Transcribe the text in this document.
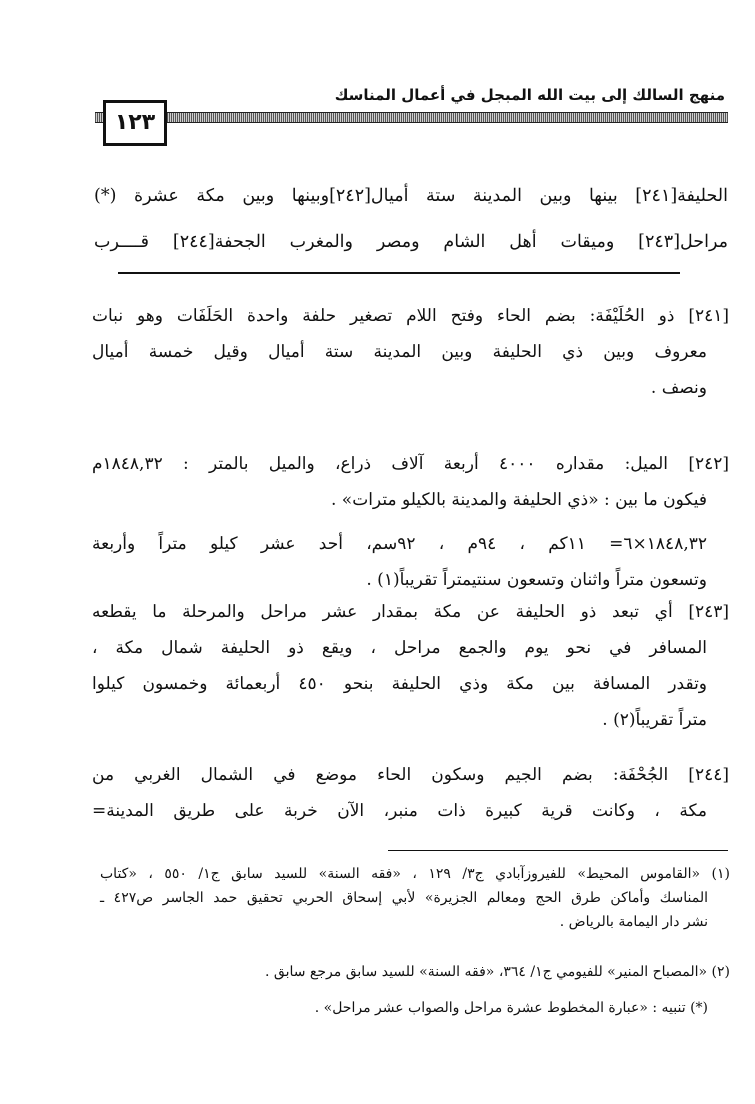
منهج السالك إلى بيت الله المبجل في أعمال المناسك
١٢٣
الحليفة[٢٤١] بينها وبين المدينة ستة أميال[٢٤٢]وبينها وبين مكة عشرة (*)
مراحل[٢٤٣] وميقات أهل الشام ومصر والمغرب الجحفة[٢٤٤] قــــرب
[٢٤١] ذو الحُلَيْفَة: بضم الحاء وفتح اللام تصغير حلفة واحدة الحَلَفَات وهو نبات
معروف وبين ذي الحليفة وبين المدينة ستة أميال وقيل خمسة أميال
ونصف .
[٢٤٢] الميل: مقداره ٤٠٠٠ أربعة آلاف ذراع، والميل بالمتر : ١٨٤٨,٣٢م
فيكون ما بين : «ذي الحليفة والمدينة بالكيلو مترات» .
١٨٤٨,٣٢×٦= ١١كم ، ٩٤م ، ٩٢سم، أحد عشر كيلو متراً وأربعة
وتسعون متراً واثنان وتسعون سنتيمتراً تقريباً(١) .
[٢٤٣] أي تبعد ذو الحليفة عن مكة بمقدار عشر مراحل والمرحلة ما يقطعه
المسافر في نحو يوم والجمع مراحل ، ويقع ذو الحليفة شمال مكة ،
وتقدر المسافة بين مكة وذي الحليفة بنحو ٤٥٠ أربعمائة وخمسون كيلوا
متراً تقريباً(٢) .
[٢٤٤] الجُحْفَة: بضم الجيم وسكون الحاء موضع في الشمال الغربي من
مكة ، وكانت قرية كبيرة ذات منبر، الآن خربة على طريق المدينة=
(١) «القاموس المحيط» للفيروزآبادي ج٣/ ١٢٩ ، «فقه السنة» للسيد سابق ج١/ ٥٥٠ ، «كتاب
المناسك وأماكن طرق الحج ومعالم الجزيرة» لأبي إسحاق الحربي تحقيق حمد الجاسر ص٤٢٧ ـ
نشر دار اليمامة بالرياض .
(٢) «المصباح المنير» للفيومي ج١/ ٣٦٤، «فقه السنة» للسيد سابق مرجع سابق .
(*) تنبيه : «عبارة المخطوط عشرة مراحل والصواب عشر مراحل» .
